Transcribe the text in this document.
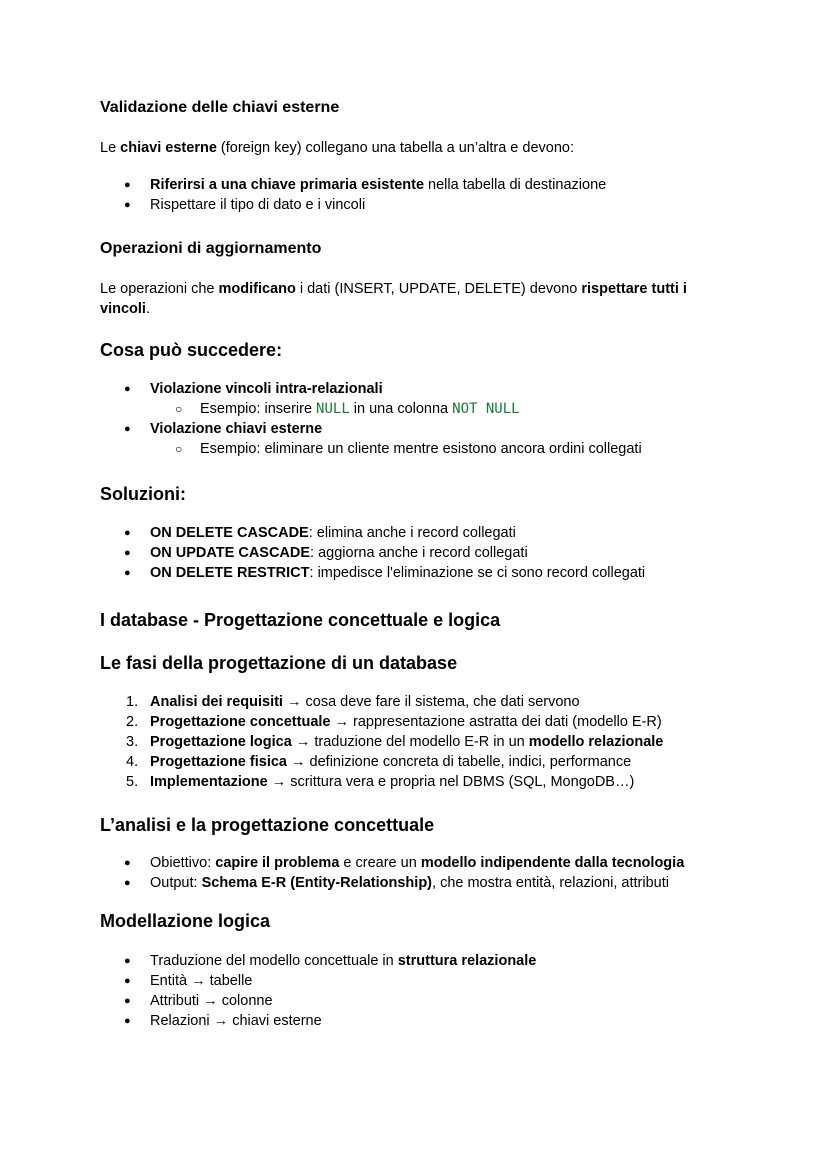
Validazione delle chiavi esterne

Le chiavi esterne (foreign key) collegano una tabella a un’altra e devono:

● Riferirsi a una chiave primaria esistente nella tabella di destinazione
● Rispettare il tipo di dato e i vincoli
Operazioni di aggiornamento

Le operazioni che modificano i dati (INSERT, UPDATE, DELETE) devono rispettare tutti i vincoli.

Cosa può succedere:
● Violazione vincoli intra-relazionali
○ Esempio: inserire NULL in una colonna NOT NULL
● Violazione chiavi esterne
○ Esempio: eliminare un cliente mentre esistono ancora ordini collegati
Soluzioni:
● ON DELETE CASCADE: elimina anche i record collegati
● ON UPDATE CASCADE: aggiorna anche i record collegati
● ON DELETE RESTRICT: impedisce l'eliminazione se ci sono record collegati
I database - Progettazione concettuale e logica
Le fasi della progettazione di un database
1. Analisi dei requisiti → cosa deve fare il sistema, che dati servono
2. Progettazione concettuale → rappresentazione astratta dei dati (modello E-R)
3. Progettazione logica → traduzione del modello E-R in un modello relazionale
4. Progettazione fisica → definizione concreta di tabelle, indici, performance
5. Implementazione → scrittura vera e propria nel DBMS (SQL, MongoDB…)
L’analisi e la progettazione concettuale
● Obiettivo: capire il problema e creare un modello indipendente dalla tecnologia
● Output: Schema E-R (Entity-Relationship), che mostra entità, relazioni, attributi
Modellazione logica
● Traduzione del modello concettuale in struttura relazionale
● Entità → tabelle
● Attributi → colonne
● Relazioni → chiavi esterne
